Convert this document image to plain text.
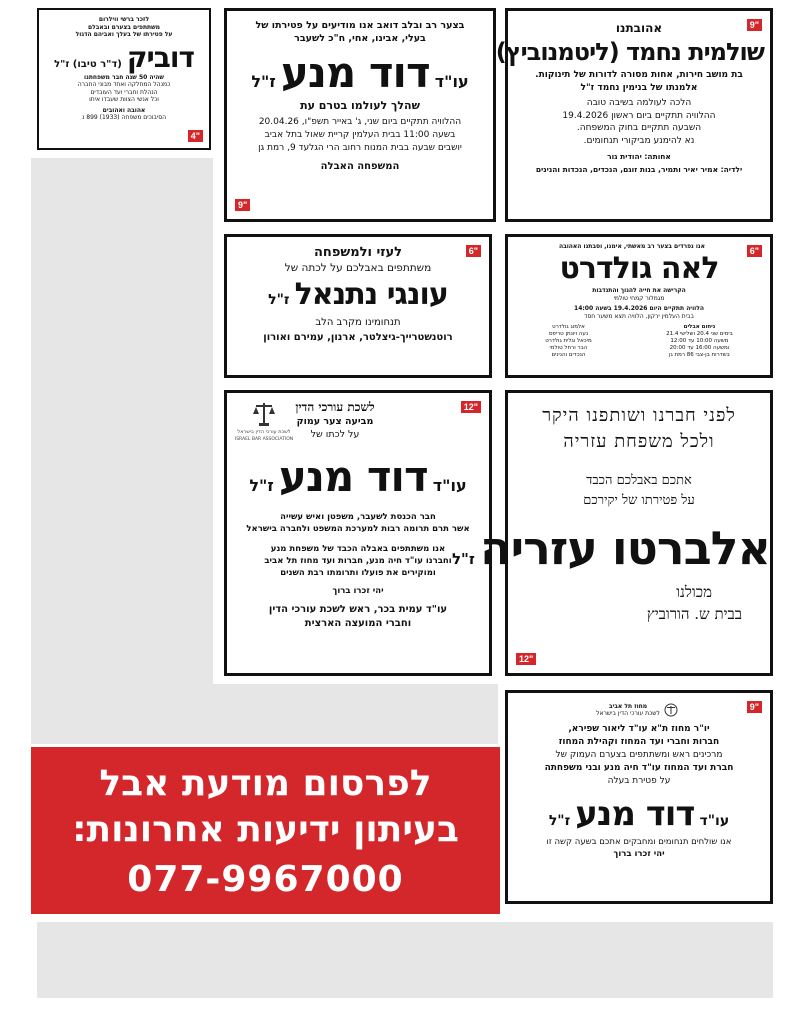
לזכר ברשי ווילרום
משתתפים בצערם ובאבלם
על פטירתו של בעלך ואביהם הדגול
דוביק (ד"ר טיבו) ז"ל
שהיה 50 שנה חבר משפחתנו
כמנהל המחלקה ואחד מבוני החברה
הנהלת וחברי ועד העובדים
וכל אנשי הצוות שעבדו איתו
אהובה ואהובים
הסיבוכים משפחה (1933) 899 נ
4"
בצער רב ובלב דואב אנו מודיעים על פטירתו של
בעלי, אבינו, אחי, ח"כ לשעבר
עו"ד דוד מנע ז"ל
שהלך לעולמו בטרם עת
ההלוויה תתקיים ביום שני, ג' באייר תשפ"ו, 20.04.26
בשעה 11:00 בבית העלמין קריית שאול בתל אביב
יושבים שבעה בבית המנוח רחוב הרי הגלעד 9, רמת גן
המשפחה האבלה
9"
אהובתנו
שולמית נחמד (ליטמנוביץ)
בת מושב חירות, אחות מסורה לדורות של תינוקות.
אלמנתו של בנימין נחמד ז"ל
הלכה לעולמה בשיבה טובה
ההלוויה תתקיים ביום ראשון 19.4.2026
השבעה תתקיים בחוק המשפחה.
נא להימנע מביקורי תנחומים.
אחותה: יהודית גור
ילדיה: אמיר יאיר ותמיר, בנות זוגם, הנכדים, הנכדות והנינים
9"
לעזי ולמשפחה
משתתפים באבלכם על לכתה של
עונגי נתנאל ז"ל
תנחומינו מקרב הלב
רוטנשטרייך-גיצלטר, ארנון, עמירם ואורון
6"	אנו נפרדים בצער רב מאשתי, אימנו, וסבתנו האהובה
לאה גולדרט
הקרישה את חייה להנוך והתנדבות
מגמלור קמחי טולמי
הלוויה תתקיים היום 19.4.2026 בשעה 14:00
בבית העלמין ירקון, הלוויה תצא משער חסד
ניחום אבלים
בימים שני 20.4 ושלישי 21.4
משעה 10:00 עד 12:00
ומשעה 16:00 עד 20:00
בשדרות בן-צבי 86 רמת גן
אלמוג גולדרט
נעה ויונתן טריפס
מיכאל וגלית גולדרט
הבר ורחל טולמי
הנכדים והנינים
6"
לשכת עורכי הדין בישראל
ISRAEL BAR ASSOCIATION
לשכת עורכי הדין
מביעה צער עמוק
על לכתו של
עו"ד דוד מנע ז"ל
חבר הכנסת לשעבר, משפטן ואיש עשייה
אשר תרם תרומה רבות למערכת המשפט ולחברה בישראל
אנו משתתפים באבלה הכבד של משפחת מנע
וחברנו עו"ד חיה מנע, חברות ועד מחוז תל אביב
ומוקירים את פועלו ותרומתו רבת השנים
יהי זכרו ברוך
עו"ד עמית בכר, ראש לשכת עורכי הדין
וחברי המועצה הארצית
12"	לפני חברנו ושותפנו היקר
ולכל משפחת עזריה
אתכם באבלכם הכבד
על פטירתו של יקירכם
אלברטו עזריה ז"ל
מכולנו
בבית ש. הורוביץ
12"
מחוז תל אביב
לשכת עורכי הדין בישראל
יו"ר מחוז ת"א עו"ד ליאור שפירא,
חברות וחברי ועד המחוז וקהילת המחוז
מרכינים ראש ומשתתפים בצערם העמוק של
חברת ועד המחוז עו"ד חיה מנע ובני משפחתה
על פטירת בעלה
עו"ד דוד מנע ז"ל
אנו שולחים תנחומים ומחבקים אתכם בשעה קשה זו
יהי זכרו ברוך
9"
לפרסום מודעת אבל
בעיתון ידיעות אחרונות:
077-9967000
